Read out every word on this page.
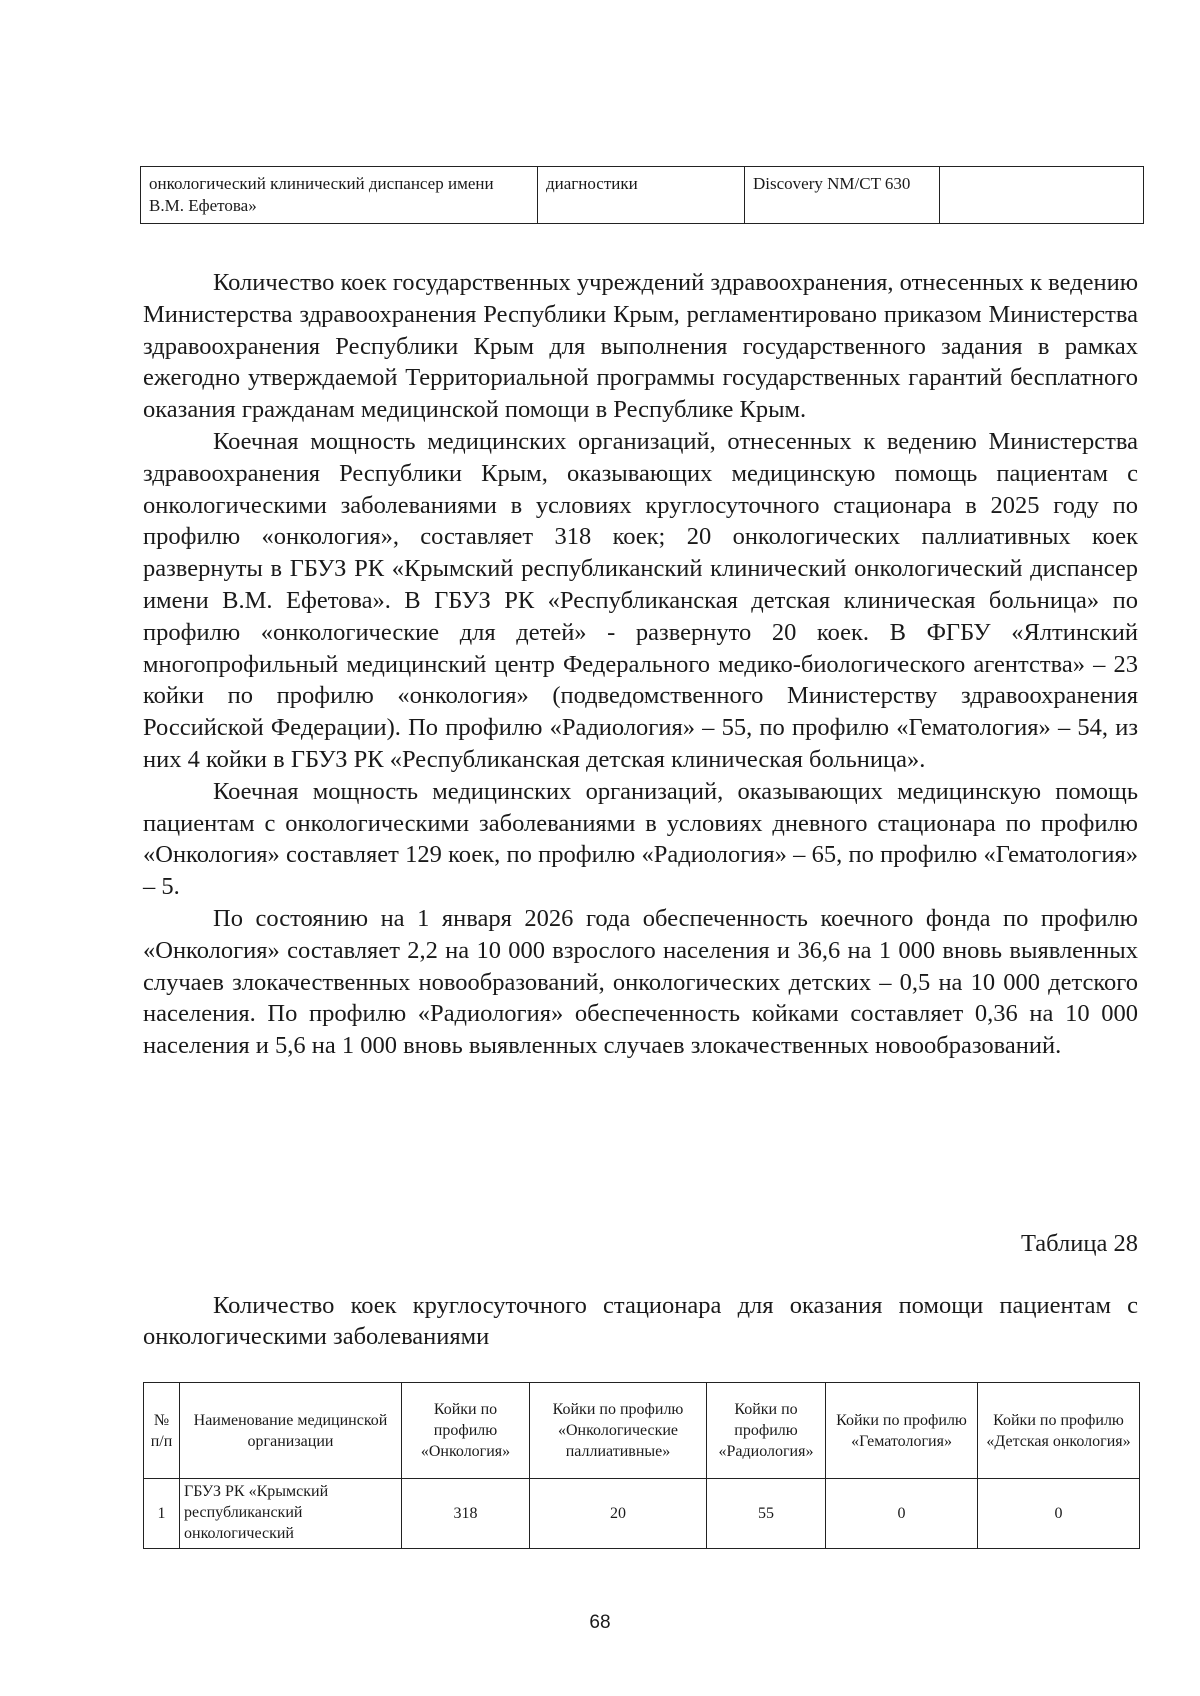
онкологический клинический диспансер имени В.М. Ефетова»	диагностики	Discovery NM/CT 630	

Количество коек государственных учреждений здравоохранения, отнесенных к ведению Министерства здравоохранения Республики Крым, регламентировано приказом Министерства здравоохранения Республики Крым для выполнения государственного задания в рамках ежегодно утверждаемой Территориальной программы государственных гарантий бесплатного оказания гражданам медицинской помощи в Республике Крым.

Коечная мощность медицинских организаций, отнесенных к ведению Министерства здравоохранения Республики Крым, оказывающих медицинскую помощь пациентам с онкологическими заболеваниями в условиях круглосуточного стационара в 2025 году по профилю «онкология», составляет 318 коек; 20 онкологических паллиативных коек развернуты в ГБУЗ РК «Крымский республиканский клинический онкологический диспансер имени В.М. Ефетова». В ГБУЗ РК «Республиканская детская клиническая больница» по профилю «онкологические для детей» - развернуто 20 коек. В ФГБУ «Ялтинский многопрофильный медицинский центр Федерального медико-биологического агентства» – 23 койки по профилю «онкология» (подведомственного Министерству здравоохранения Российской Федерации). По профилю «Радиология» – 55, по профилю «Гематология» – 54, из них 4 койки в ГБУЗ РК «Республиканская детская клиническая больница».

Коечная мощность медицинских организаций, оказывающих медицинскую помощь пациентам с онкологическими заболеваниями в условиях дневного стационара по профилю «Онкология» составляет 129 коек, по профилю «Радиология» – 65, по профилю «Гематология» – 5.

По состоянию на 1 января 2026 года обеспеченность коечного фонда по профилю «Онкология» составляет 2,2 на 10 000 взрослого населения и 36,6 на 1 000 вновь выявленных случаев злокачественных новообразований, онкологических детских – 0,5 на 10 000 детского населения. По профилю «Радиология» обеспеченность койками составляет 0,36 на 10 000 населения и 5,6 на 1 000 вновь выявленных случаев злокачественных новообразований.

Таблица 28
Количество коек круглосуточного стационара для оказания помощи пациентам с онкологическими заболеваниями
№ п/п	Наименование медицинской организации	Койки по профилю «Онкология»	Койки по профилю «Онкологические паллиативные»	Койки по профилю «Радиология»	Койки по профилю «Гематология»	Койки по профилю «Детская онкология»
1	ГБУЗ РК «Крымский республиканский онкологический	318	20	55	0	0
68
